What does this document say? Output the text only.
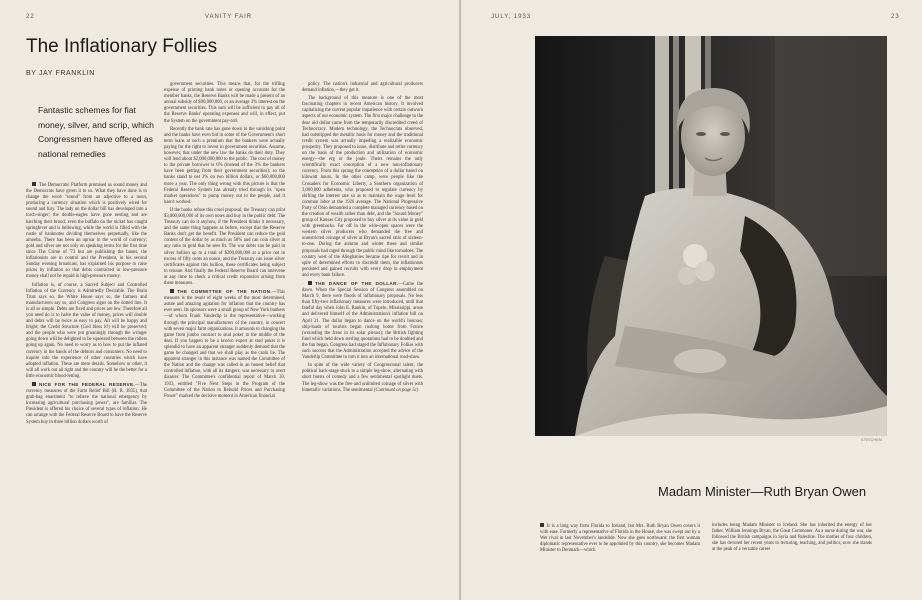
22	VANITY FAIR
The Inflationary Follies
BY JAY FRANKLIN

Fantastic schemes for fiat money, silver, and scrip, which Congressmen have offered as national remedies

The Democratic Platform promised us sound money and the Democrats have given it to us. What they have done is to change the word "sound" from an adjective to a noun, producing a currency situation which is positively wired for sound and fury. The lady on the dollar bill has developed into a torch-singer; the double-eagles have gone nesting and are hatching their brood; even the buffalo on the nickel has caught springfever and is bellowing, while the world is filled with the rustle of banknotes dividing themselves perpetually, like the amoeba. There has been an uproar in the world of currency; gold and silver are not only on speaking terms for the first time since The Crime of '73 but are publishing the banns; the inflationists are in control and the President, in his second Sunday evening broadcast, has explained his purpose to raise prices by inflation so that debts contracted in low-pressure money shall not be repaid in high-pressure money.

Inflation is, of course, a Sacred Subject and Controlled Inflation of the Currency is Admittedly Desirable. The Brain Trust says so, the White House says so, the farmers and manufacturers say so, and Congress signs on the dotted line. It is all so simple. Debts are fixed and prices are low. Therefore all you need do is to halve the value of money, prices will double and debts will be twice as easy to pay. All will be happy and bright; the Credit Structure (God bless it!) will be preserved; and the people who were put groaningly through the wringer going down will be delighted to be squeezed between the rollers going up again. No need to worry as to how to put the inflated currency in the hands of the debtors and consumers. No need to inquire into the experience of other countries which have adopted inflation. These are mere details. Somehow or other, it will all work out all right and the country will be the better for a little economic blood-letting.

NICE FOR THE FEDERAL RESERVE.—The currency measures of the Farm Relief Bill (H. R. 3835), that grab-bag enactment "to relieve the national emergency by increasing agricultural purchasing power", are familiar. The President is offered his choice of several types of inflation: He can arrange with the Federal Reserve Board to have the Reserve System buy in three billion dollars worth of

government securities. This means that, for the trifling expense of printing bank notes or opening accounts for the member banks, the Reserve Banks will be made a present of an annual subsidy of $90,000,000, or an average 3% interest on the government securities. This sum will be sufficient to pay all of the Reserve Banks' operating expenses and will, in effect, put the System on the government pay-roll.

Recently the bank rate has gone down to the vanishing point and the banks have even bid in some of the Government's short term loans at such a premium that the bankers were actually paying for the right to invest in government securities. Assume, however, that under the new law the banks do their duty. They will lend about $2,000,000,000 to the public. The cost of money to the private borrower is 6% (instead of the 3% the bankers have been getting from their government securities): so the banks stand to net 3% on two billion dollars, or $60,000,000 more a year. The only thing wrong with this picture is that the Federal Reserve System has already tried through its "open market operations" to pump money out to the people, and it hasn't worked.

If the banks refuse this cruel proposal, the Treasury can print $3,000,000,000 of its own notes and buy in the public debt. The Treasury can do it anyhow, if the President thinks it necessary, and the same thing happens as before, except that the Reserve Banks don't get the benefit. The President can reduce the gold content of the dollar by as much as 50% and can coin silver at any ratio to gold that he sees fit. The war debts can be paid in silver bullion up to a total of $200,000,000 at a price not in excess of fifty cents an ounce, and the Treasury can issue silver certificates against this bullion, these certificates being subject to reissue. And finally the Federal Reserve Board can intervene at any time to check a critical credit expansion arising from these measures.

THE COMMITTEE OF THE NATION.—This measure is the result of eight weeks of the most determined, astute and amazing agitation for inflation that the country has ever seen. Its sponsors were a small group of New York bankers—of whom Frank Vanderlip is the representative—working through the principal manufacturers of the country, in concert with seven major farm organizations. It amounts to changing the game from jumbo contract to stud poker in the middle of the deal. If you happen to be a known expert at stud poker it is splendid to have an apparent stranger suddenly demand that the game be changed and that we shall play as the cards lie. The apparent stranger in this instance was named the Committee of the Nation and the change was called in an honest belief that controlled inflation, with all its dangers, was necessary to avert disaster. The Committee's confidential report of March 30, 1933, entitled "Five Next Steps in the Program of the Committee of the Nation to Rebuild Prices and Purchasing Power" marked the decisive moment in American financial

policy. The nation's industrial and agricultural producers demand inflation,—they get it.

The background of this measure is one of the most fascinating chapters in recent American history. It involved capitalizing the current popular impatience with certain outworn aspects of our economic system. The first major challenge to the dear old dollar came from the temporarily discredited creed of Technocracy. Modern technology, the Technocrats observed, had outstripped the metallic basis for money and the traditional credit system was actually impeding a realizable economic prosperity. They proposed to issue, distribute and retire currency on the basis of the production and utilization of economic energy—the erg or the joule. Theirs remains the only scientifically exact conception of a new non-inflationary currency. From this sprang the conception of a dollar based on kilowatt hours. In the other camp, were people like the Crusaders for Economic Liberty, a Southern organization of 3,000,000 adherents, who proposed to regulate currency by shifting the interest rate so as to maintain the wage level for common labor at the 1926 average. The National Progressive Party of Ohio demanded a complete managed currency based on the creation of wealth rather than debt, and the "Sound Money" group of Kansas City proposed to buy silver at its value in gold with greenbacks. Far off in the wide-open spaces were the western silver producers who demanded the free and unrestricted coinage of silver at Bryan's sacred ratio of sixteen-to-one. During the autumn and winter these and similar proposals had raged through the public mind like tornadoes. The country west of the Alleghanies became ripe for revolt and in spite of determined efforts to discredit them, the inflationists persisted and gained recruits with every drop in employment and every bank failure.

THE DANCE OF THE DOLLAR.—Came the dawn. When the Special Session of Congress assembled on March 9, there were floods of inflationary proposals. No less than fifty-two inflationary measures were introduced, until that fateful day when John E. Rankin, of Tupelo, Mississippi, arose and delivered himself of the Administration's inflation bill on April 21. The dollar began to dance on the world's bourses; ship-loads of tourists began rushing home from France (wounding the franc in its solar plexus); the British fighting fund which held down sterling quotations had to be doubled and the fun began. Congress had staged the Inflationary Follies with such success that the Administration accepted the advice of the Vanderlip Committee to turn it into an international road-show.

In spite of the wide variety of Congressional talent, the political back-stage stuck to a simple leg-show, alternating with short bursts of comedy and a few sentimental spotlight duets. The leg-show was the free and unlimited coinage of silver with bimetallic variations. The sentimental (Continued on page 5c)

JULY, 1933	23
STEICHEN
Madam Minister—Ruth Bryan Owen
It is a long way from Florida to Iceland, but Mrs. Ruth Bryan Owen covers it with ease. Formerly a representative of Florida in the House, she was swept out by a Wet rival in last November's landslide. Now she goes northward: the first woman diplomatic representative ever to be appointed by this country, she becomes Madam Minister to Denmark—which
includes being Madam Minister to Iceland. She has inherited the energy of her father, William Jennings Bryan, the Great Commoner. As a nurse during the war, she followed the British campaigns in Syria and Palestine. The mother of four children, she has devoted her recent years to lecturing, teaching, and politics; now she stands at the peak of a versatile career
